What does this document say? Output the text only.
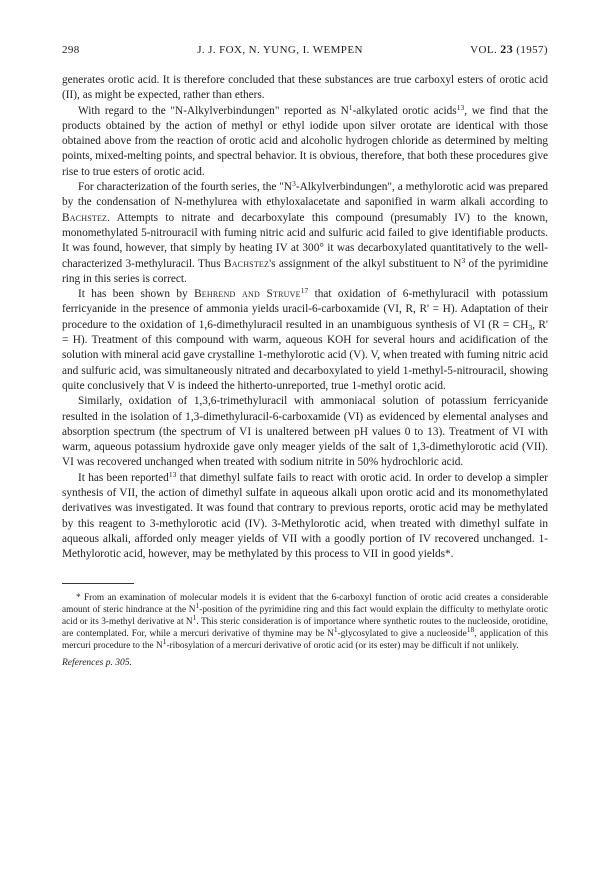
298	J. J. FOX, N. YUNG, I. WEMPEN	VOL. 23 (1957)

generates orotic acid. It is therefore concluded that these substances are true carboxyl esters of orotic acid (II), as might be expected, rather than ethers.

With regard to the "N-Alkylverbindungen" reported as $N^1$-alkylated orotic acids$^{13}$, we find that the products obtained by the action of methyl or ethyl iodide upon silver orotate are identical with those obtained above from the reaction of orotic acid and alcoholic hydrogen chloride as determined by melting points, mixed-melting points, and spectral behavior. It is obvious, therefore, that both these procedures give rise to true esters of orotic acid.

For characterization of the fourth series, the "$N^3$-Alkylverbindungen", a methylorotic acid was prepared by the condensation of N-methylurea with ethyloxalacetate and saponified in warm alkali according to Bachstez. Attempts to nitrate and decarboxylate this compound (presumably IV) to the known, monomethylated 5-nitrouracil with fuming nitric acid and sulfuric acid failed to give identifiable products. It was found, however, that simply by heating IV at 300° it was decarboxylated quantitatively to the well-characterized 3-methyluracil. Thus Bachstez's assignment of the alkyl substituent to $N^3$ of the pyrimidine ring in this series is correct.

It has been shown by Behrend and Struve$^{17}$ that oxidation of 6-methyluracil with potassium ferricyanide in the presence of ammonia yields uracil-6-carboxamide (VI, R, R' = H). Adaptation of their procedure to the oxidation of 1,6-dimethyluracil resulted in an unambiguous synthesis of VI ($R = CH_3$, R' = H). Treatment of this compound with warm, aqueous KOH for several hours and acidification of the solution with mineral acid gave crystalline 1-methylorotic acid (V). V, when treated with fuming nitric acid and sulfuric acid, was simultaneously nitrated and decarboxylated to yield 1-methyl-5-nitrouracil, showing quite conclusively that V is indeed the hitherto-unreported, true 1-methyl orotic acid.

Similarly, oxidation of 1,3,6-trimethyluracil with ammoniacal solution of potassium ferricyanide resulted in the isolation of 1,3-dimethyluracil-6-carboxamide (VI) as evidenced by elemental analyses and absorption spectrum (the spectrum of VI is unaltered between pH values 0 to 13). Treatment of VI with warm, aqueous potassium hydroxide gave only meager yields of the salt of 1,3-dimethylorotic acid (VII). VI was recovered unchanged when treated with sodium nitrite in 50% hydrochloric acid.

It has been reported$^{13}$ that dimethyl sulfate fails to react with orotic acid. In order to develop a simpler synthesis of VII, the action of dimethyl sulfate in aqueous alkali upon orotic acid and its monomethylated derivatives was investigated. It was found that contrary to previous reports, orotic acid may be methylated by this reagent to 3-methylorotic acid (IV). 3-Methylorotic acid, when treated with dimethyl sulfate in aqueous alkali, afforded only meager yields of VII with a goodly portion of IV recovered unchanged. 1-Methylorotic acid, however, may be methylated by this process to VII in good yields*.

* From an examination of molecular models it is evident that the 6-carboxyl function of orotic acid creates a considerable amount of steric hindrance at the $N^1$-position of the pyrimidine ring and this fact would explain the difficulty to methylate orotic acid or its 3-methyl derivative at $N^1$. This steric consideration is of importance where synthetic routes to the nucleoside, orotidine, are contemplated. For, while a mercuri derivative of thymine may be $N^1$-glycosylated to give a nucleoside$^{18}$, application of this mercuri procedure to the $N^1$-ribosylation of a mercuri derivative of orotic acid (or its ester) may be difficult if not unlikely.

References p. 305.
